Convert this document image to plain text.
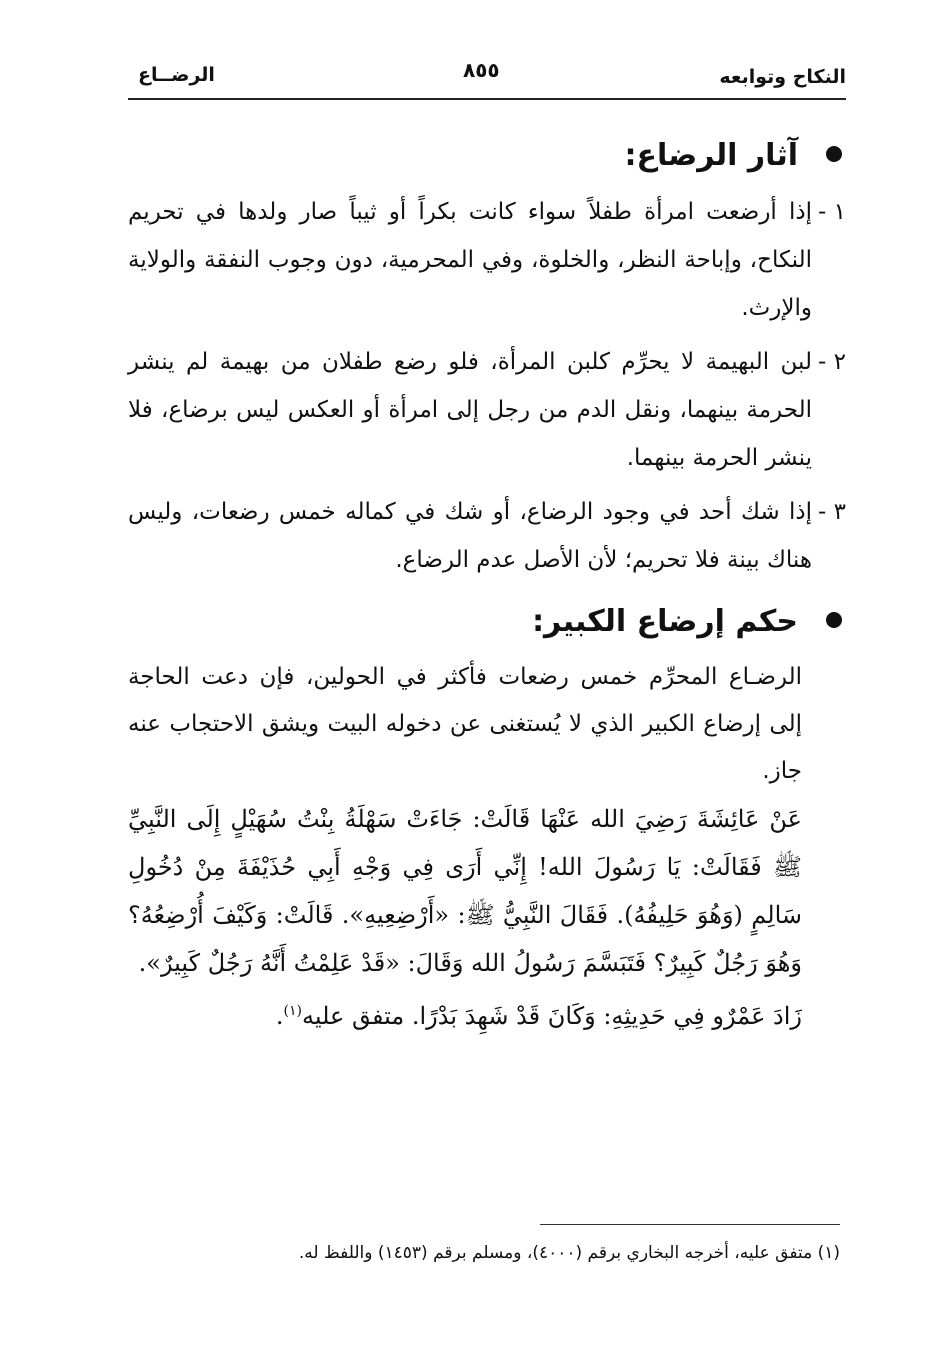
النكاح وتوابعه
٨٥٥
الرضــاع
آثار الرضاع:

١ -
إذا أرضعت امرأة طفلاً سواء كانت بكراً أو ثيباً صار ولدها في تحريم النكاح، وإباحة النظر، والخلوة، وفي المحرمية، دون وجوب النفقة والولاية والإرث.

٢ -
لبن البهيمة لا يحرِّم كلبن المرأة، فلو رضع طفلان من بهيمة لم ينشر الحرمة بينهما، ونقل الدم من رجل إلى امرأة أو العكس ليس برضاع، فلا ينشر الحرمة بينهما.

٣ -
إذا شك أحد في وجود الرضاع، أو شك في كماله خمس رضعات، وليس هناك بينة فلا تحريم؛ لأن الأصل عدم الرضاع.

حكم إرضاع الكبير:

الرضـاع المحرِّم خمس رضعات فأكثر في الحولين، فإن دعت الحاجة إلى إرضاع الكبير الذي لا يُستغنى عن دخوله البيت ويشق الاحتجاب عنه جاز.

عَنْ عَائِشَةَ رَضِيَ الله عَنْهَا قَالَتْ: جَاءَتْ سَهْلَةُ بِنْتُ سُهَيْلٍ إِلَى النَّبِيِّ ﷺ فَقَالَتْ: يَا رَسُولَ الله! إِنِّي أَرَى فِي وَجْهِ أَبِي حُذَيْفَةَ مِنْ دُخُولِ سَالِمٍ (وَهُوَ حَلِيفُهُ). فَقَالَ النَّبِيُّ ﷺ: «أَرْضِعِيهِ». قَالَتْ: وَكَيْفَ أُرْضِعُهُ؟ وَهُوَ رَجُلٌ كَبِيرٌ؟ فَتَبَسَّمَ رَسُولُ الله وَقَالَ: «قَدْ عَلِمْتُ أَنَّهُ رَجُلٌ كَبِيرٌ».

زَادَ عَمْرٌو فِي حَدِيثِهِ: وَكَانَ قَدْ شَهِدَ بَدْرًا. متفق عليه$^{(١)}$.

(١) متفق عليه، أخرجه البخاري برقم (٤٠٠٠)، ومسلم برقم (١٤٥٣) واللفظ له.
